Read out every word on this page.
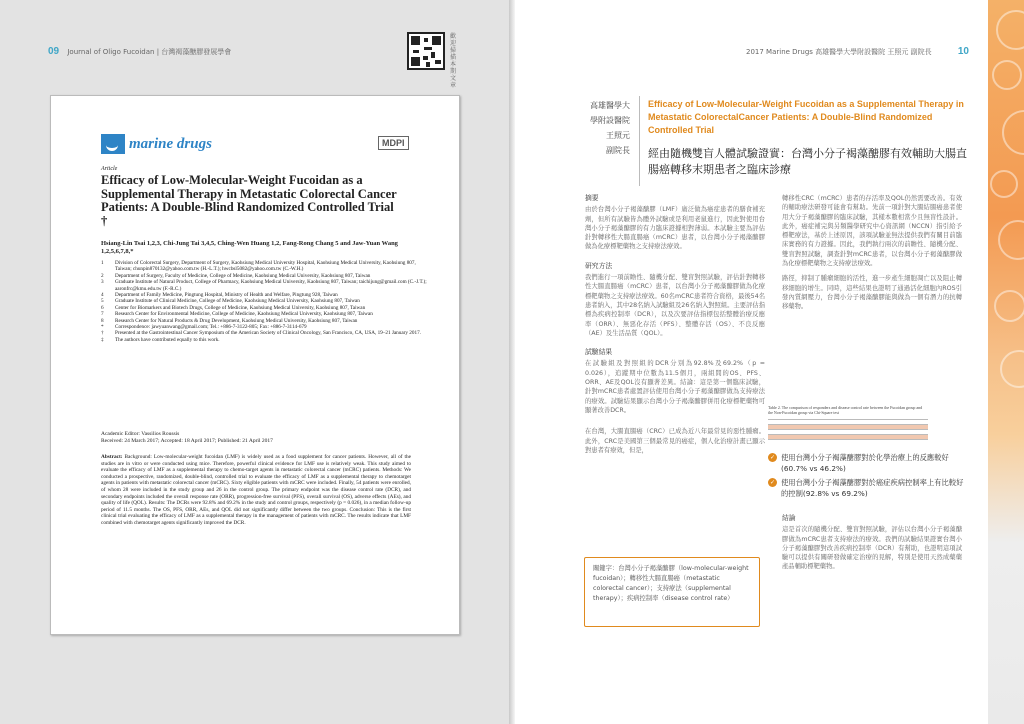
09 Journal of Oligo Fucoidan | 台灣褐藻醣膠發展學會
歡迎掃描本期文章
marine drugs	MDPI
Article
Efficacy of Low-Molecular-Weight Fucoidan as a Supplemental Therapy in Metastatic Colorectal Cancer Patients: A Double-Blind Randomized Controlled Trial †
Hsiang-Lin Tsai 1,2,3, Chi-Jung Tai 3,4,5, Ching-Wen Huang 1,2, Fang-Rong Chang 5 and Jaw-Yuan Wang 1,2,5,6,7,8,*
1	Division of Colorectal Surgery, Department of Surgery, Kaohsiung Medical University Hospital, Kaohsiung Medical University, Kaohsiung 807, Taiwan; chunpin870132@yahoo.com.tw (H.-L.T.); hwcbsl5082@yahoo.com.tw (C.-W.H.)
2	Department of Surgery, Faculty of Medicine, College of Medicine, Kaohsiung Medical University, Kaohsiung 807, Taiwan
3	Graduate Institute of Natural Product, College of Pharmacy, Kaohsiung Medical University, Kaohsiung 807, Taiwan; taichijung@gmail.com (C.-J.T.); aaronfrc@kmu.edu.tw (F.-R.C.)
4	Department of Family Medicine, Pingtung Hospital, Ministry of Health and Welfare, Pingtung 928, Taiwan
5	Graduate Institute of Clinical Medicine, College of Medicine, Kaohsiung Medical University, Kaohsiung 807, Taiwan
6	Center for Biomarkers and Biotech Drugs, College of Medicine, Kaohsiung Medical University, Kaohsiung 807, Taiwan
7	Research Center for Environmental Medicine, College of Medicine, Kaohsiung Medical University, Kaohsiung 807, Taiwan
8	Research Center for Natural Products & Drug Development, Kaohsiung Medical University, Kaohsiung 807, Taiwan
*	Correspondence: jawyuanwang@gmail.com; Tel.: +886-7-3122-805; Fax: +886-7-3114-679
†	Presented at the Gastrointestinal Cancer Symposium of the American Society of Clinical Oncology, San Francisco, CA, USA, 19–21 January 2017.
‡	The authors have contributed equally to this work.
Academic Editor: Vassilios Roussis
Received: 24 March 2017; Accepted: 18 April 2017; Published: 21 April 2017
Abstract: Background: Low-molecular-weight fucoidan (LMF) is widely used as a food supplement for cancer patients. However, all of the studies are in vitro or were conducted using mice. Therefore, powerful clinical evidence for LMF use is relatively weak. This study aimed to evaluate the efficacy of LMF as a supplemental therapy to chemo-target agents in metastatic colorectal cancer (mCRC) patients. Methods: We conducted a prospective, randomized, double-blind, controlled trial to evaluate the efficacy of LMF as a supplemental therapy to chemotarget agents in patients with metastatic colorectal cancer (mCRC). Sixty eligible patients with mCRC were included. Finally, 54 patients were enrolled, of whom 28 were included in the study group and 26 in the control group. The primary endpoint was the disease control rate (DCR), and secondary endpoints included the overall response rate (ORR), progression-free survival (PFS), overall survival (OS), adverse effects (AEs), and quality of life (QOL). Results: The DCRs were 92.8% and 69.2% in the study and control groups, respectively (p = 0.026), in a median follow-up period of 11.5 months. The OS, PFS, ORR, AEs, and QOL did not significantly differ between the two groups. Conclusion: This is the first clinical trial evaluating the efficacy of LMF as a supplemental therapy in the management of patients with mCRC. The results indicate that LMF combined with chemotarget agents significantly improved the DCR.
2017 Marine Drugs 高雄醫學大學附設醫院 王照元 副院長	10
高雄醫學大
學附設醫院
王照元
副院長
Efficacy of Low-Molecular-Weight Fucoidan as a Supplemental Therapy in Metastatic ColorectalCancer Patients: A Double-Blind Randomized Controlled Trial
經由隨機雙盲人體試驗證實：台灣小分子褐藻醣膠有效輔助大腸直腸癌轉移末期患者之臨床診療
摘要

由於台灣小分子褐藻醣膠（LMF）廣泛做為癌症患者的膳食補充劑，但所有試驗皆為體外試驗或是利用老鼠進行，因此對使用台灣小分子褐藻醣膠的有力臨床證據相對薄弱。本試驗主要為評估針對轉移性大腸直腸癌（mCRC）患者，以台灣小分子褐藻醣膠做為化療標靶藥物之支持療法療效。

研究方法

我們進行一項前瞻性、隨機分配、雙盲對照試驗，評估針對轉移性大腸直腸癌（mCRC）患者，以台灣小分子褐藻醣膠做為化療標靶藥物之支持療法療效。60名mCRC患者符合資格，最後54名患者納入，其中28名納入試驗組及26名納入對照組。主要評估指標為疾病控制率（DCR），以及次要評估指標包括整體治療反應率（ORR）、無惡化存活（PFS）、整體存活（OS）、不良反應（AE）及生活品質（QOL）。

試驗結果

在試驗組及對照組的DCR分別為92.8%及69.2%（p = 0.026），追蹤期中位數為11.5個月，兩組間的OS、PFS、ORR、AE及QOL沒有顯著差異。結論：這是第一個臨床試驗，針對mCRC患者處置評估使用台灣小分子褐藻醣膠做為支持療法的療效。試驗結果顯示台灣小分子褐藻醣膠併用化療標靶藥物可顯著改善DCR。

在台灣，大腸直腸癌（CRC）已成為近八年最常見的惡性腫瘤。此外，CRC是美國第三個最常見的癌症，個人化治療計畫已顯示對患者有療效，但是，

轉移性CRC（mCRC）患者的存活率及QOL仍然需要改善。有效的輔助療法研發可能會有幫助。先前一項針對大腸結腸癌患者使用大分子褐藻醣膠的臨床試驗，其樣本數相當少且無盲性設計。此外，癌症補完與另類醫學研究中心資訊網（NCCN）指引給予標靶療法，基於上述原因，該項試驗並無法提供我們有關目前臨床實務的有力證據。因此，我們執行兩次的前瞻性、隨機分配、雙盲對照試驗，調查針對mCRC患者，以台灣小分子褐藻醣膠做為化療標靶藥物之支持療法療效。

路徑，抑制了腫瘤細胞的活性，進一步產生細胞凋亡以及阻止轉移細胞的增生。同時，這些結果也證明了通過活化細胞內ROS引發內質網壓力，台灣小分子褐藻醣膠能與做為一個有潛力的抗轉移藥物。

Table 2. The comparison of responders and disease control rate between the Fucoidan group and the Non-Fucoidan group via Chi-Square test
✓ 使用台灣小分子褐藻醣膠對於化學治療上的反應較好(60.7% vs 46.2%)
✓ 使用台灣小分子褐藻醣膠對於癌症疾病控制率上有比較好的控制(92.8% vs 69.2%)
結論

這是首次的隨機分配、雙盲對照試驗，評估以台灣小分子褐藻醣膠做為mCRC患者支持療法的療效。我們的試驗結果證實台灣小分子褐藻醣膠對改善疾病控制率（DCR）有幫助，也證明這項試驗可以提供有關研發做確定治療的見解，特別是使用天然成藥藥產品輔助標靶藥物。

關鍵字：台灣小分子褐藻醣膠（low-molecular-weight fucoidan）；轉移性大腸直腸癌（metastatic colorectal cancer）；支持療法（supplemental therapy）；疾病控制率（disease control rate）
